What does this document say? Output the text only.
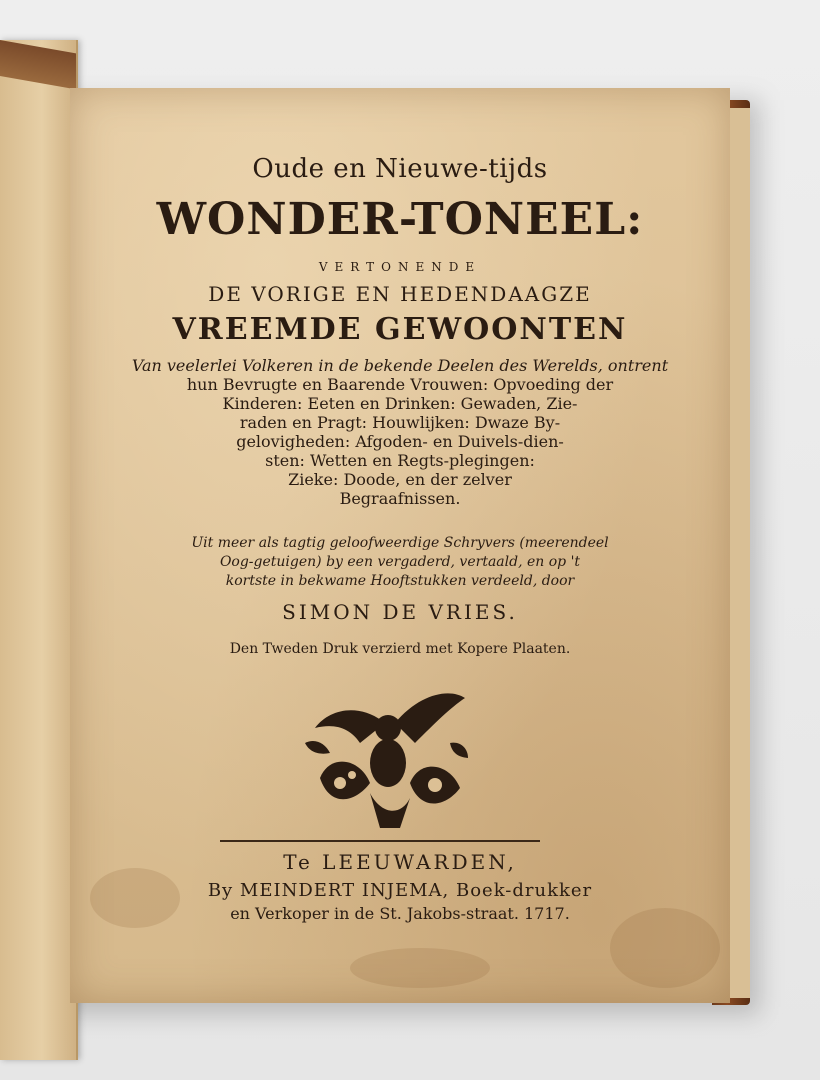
Oude en Nieuwe-tijds
WONDER-TONEEL:
VERTONENDE
DE VORIGE EN HEDENDAAGZE
VREEMDE GEWOONTEN
Van veelerlei Volkeren in de bekende Deelen des Werelds, ontrent
hun Bevrugte en Baarende Vrouwen: Opvoeding der
Kinderen: Eeten en Drinken: Gewaden, Zie-
raden en Pragt: Houwlijken: Dwaze By-
gelovigheden: Afgoden- en Duivels-dien-
sten: Wetten en Regts-plegingen:
Zieke: Doode, en der zelver
Begraafnissen.
Uit meer als tagtig geloofweerdige Schryvers (meerendeel
Oog-getuigen) by een vergaderd, vertaald, en op 't
kortste in bekwame Hooftstukken verdeeld, door
SIMON DE VRIES.
Den Tweden Druk verzierd met Kopere Plaaten.
Te LEEUWARDEN,
By MEINDERT INJEMA, Boek-drukker
en Verkoper in de St. Jakobs-straat. 1717.
